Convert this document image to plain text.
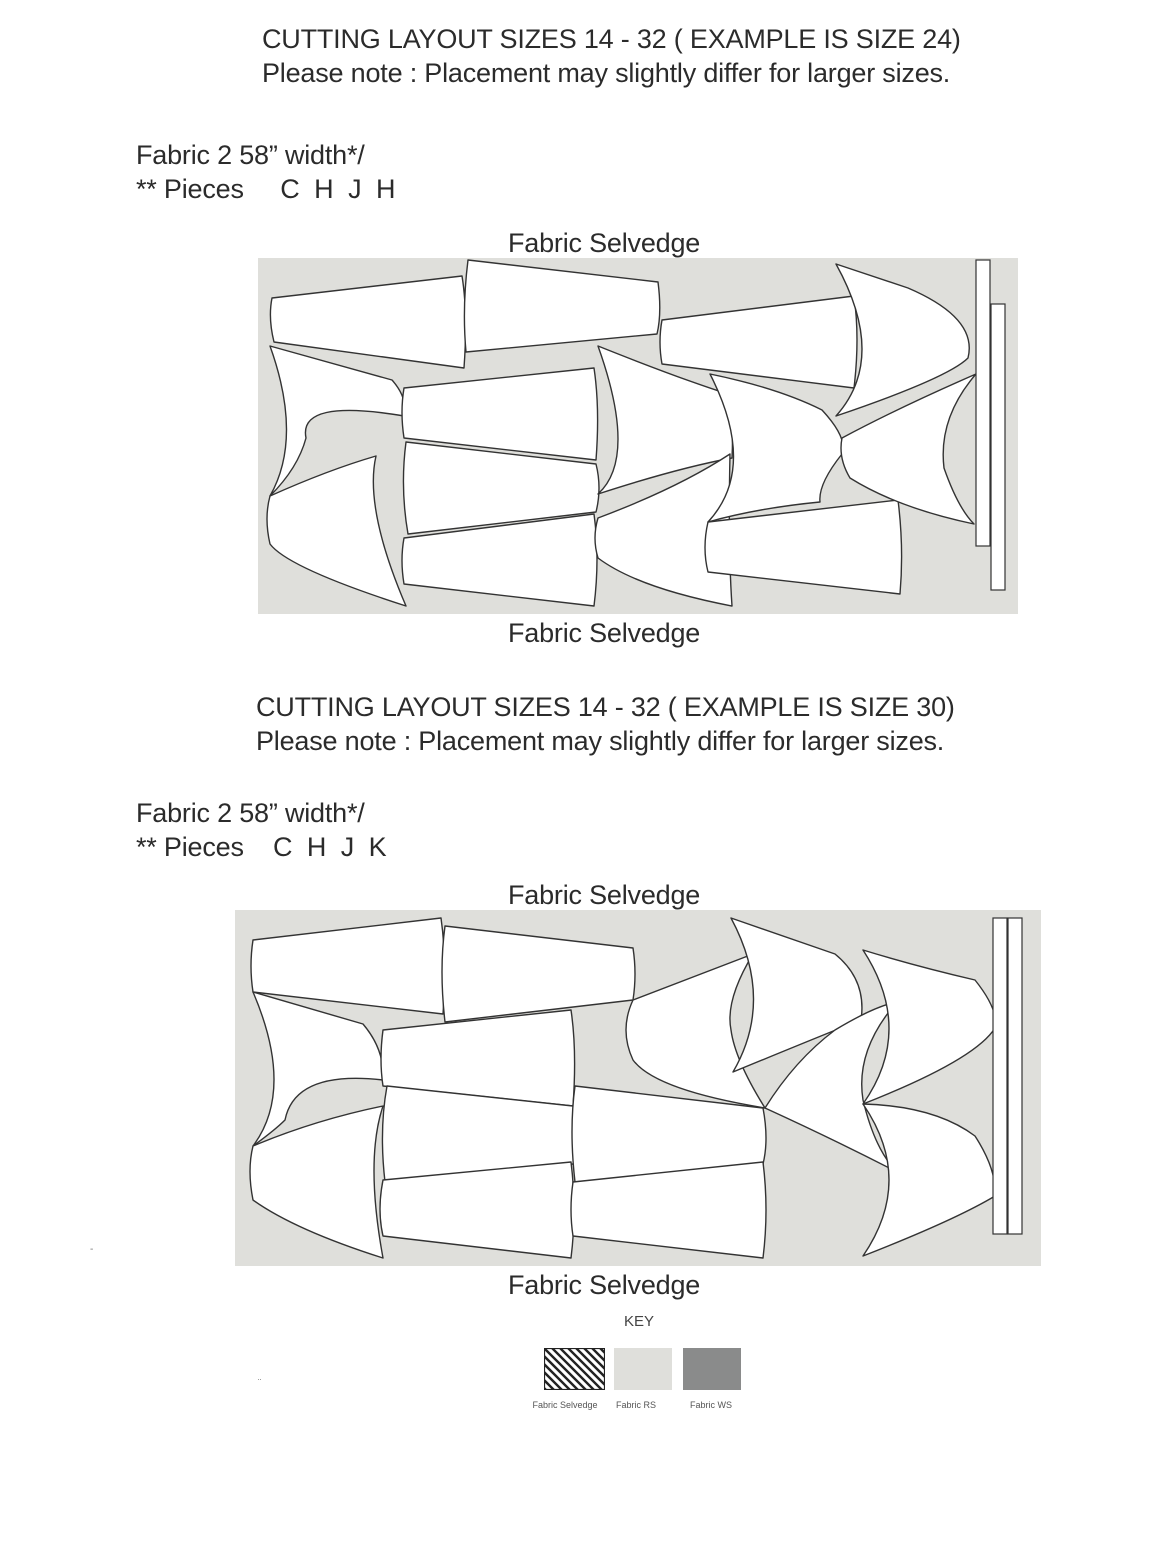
CUTTING LAYOUT SIZES 14 - 32 ( EXAMPLE IS SIZE 24)
Please note : Placement may slightly differ for larger sizes.
Fabric 2 58” width*/
** Pieces     C  H  J  H
Fabric Selvedge
Fabric Selvedge
CUTTING LAYOUT SIZES 14 - 32 ( EXAMPLE IS SIZE 30)
Please note : Placement may slightly differ for larger sizes.
Fabric 2 58” width*/
** Pieces    C  H  J  K
Fabric Selvedge
Fabric Selvedge
-
¨
KEY
Fabric Selvedge	Fabric RS	Fabric WS
